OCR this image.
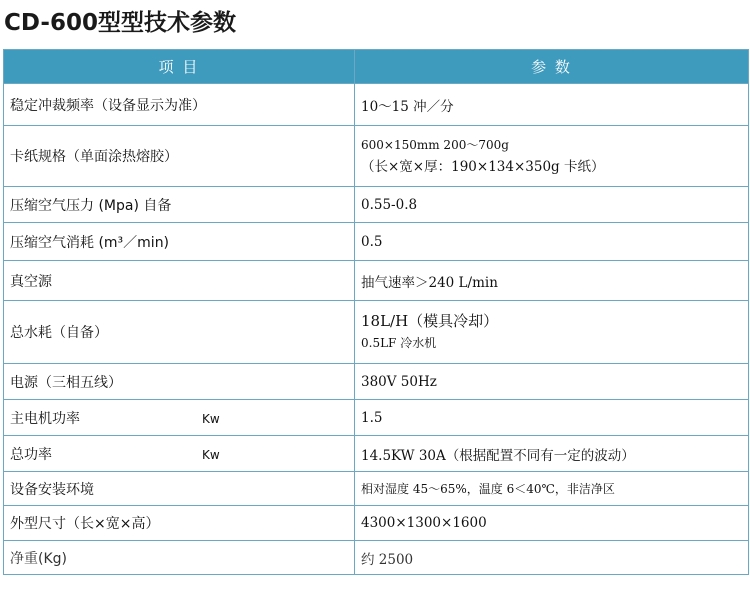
CD-600型型技术参数
项 目	参 数
稳定冲裁频率（设备显示为准）	10～15 冲／分
卡纸规格（单面涂热熔胶）	600×150mm 200～700g
（长×宽×厚：190×134×350g 卡纸）

压缩空气压力 (Mpa) 自备	0.55-0.8
压缩空气消耗 (m³／min)	0.5
真空源	抽气速率＞240 L/min
总水耗（自备）	18L/H（模具冷却）
0.5LF 冷水机

电源（三相五线）	380V 50Hz
主电机功率 Kw	1.5
总功率 Kw	14.5KW 30A（根据配置不同有一定的波动）
设备安装环境	相对湿度 45～65%，温度 6＜40℃，非洁净区
外型尺寸（长×宽×高）	4300×1300×1600
净重(Kg)	约 2500
